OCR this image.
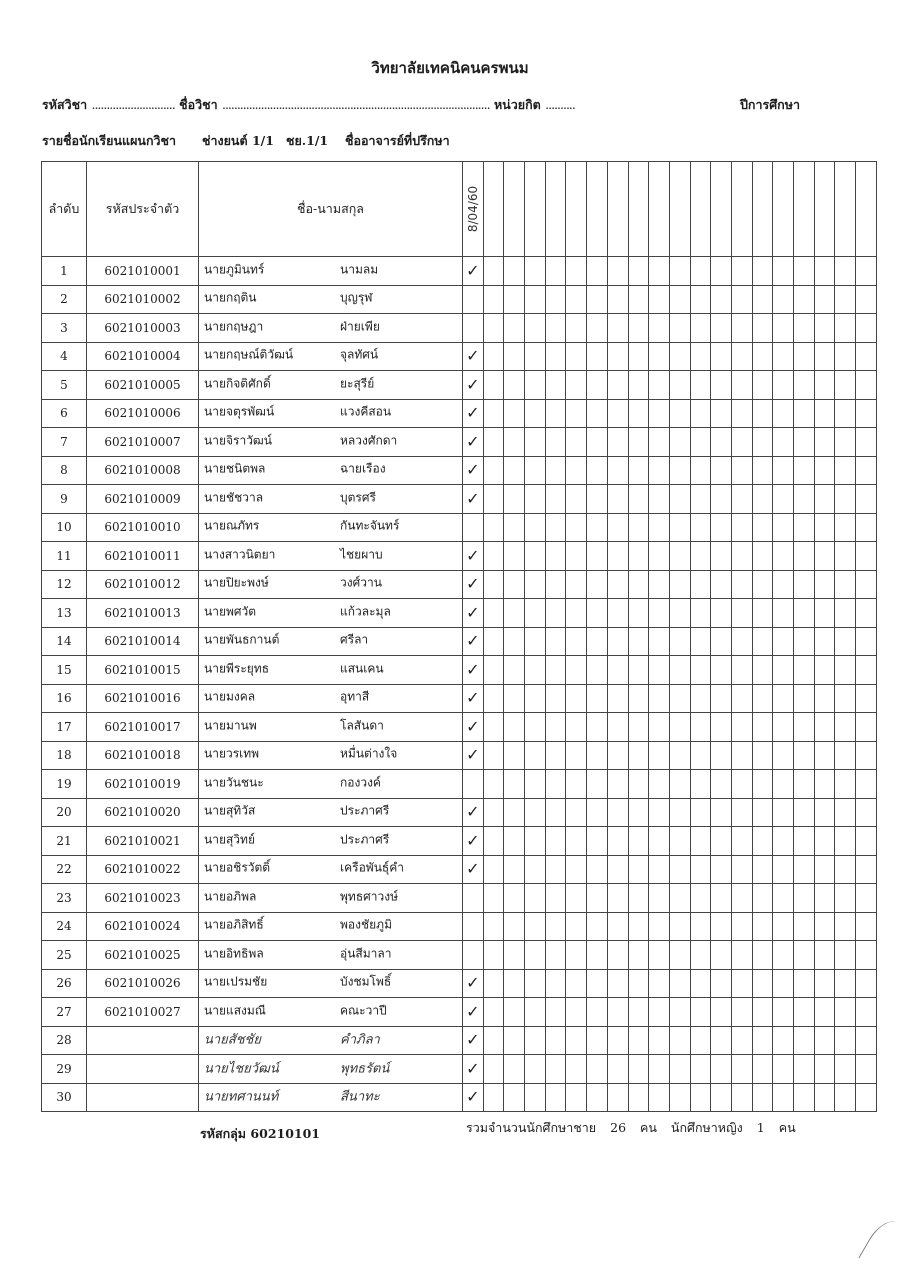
วิทยาลัยเทคนิคนครพนม
รหัสวิชา ............................ ชื่อวิชา .......................................................................................... หน่วยกิต ..........	ปีการศึกษา
รายชื่อนักเรียนแผนกวิชา ช่างยนต์ 1/1 ชย.1/1 ชื่ออาจารย์ที่ปรึกษา
ลำดับ	รหัสประจำตัว	ชื่อ-นามสกุล	8/04/60																			

1	6021010001	นายภูมินทร์ นามลม	✓																			
2	6021010002	นายกฤติน บุญรุฬ																				

3	6021010003	นายกฤษฎา ฝ่ายเพีย																				

4	6021010004	นายกฤษณ์ติวัฒน์ จุลทัศน์	✓																			
5	6021010005	นายกิจติศักดิ์ ยะสุรีย์	✓																			
6	6021010006	นายจตุรพัฒน์ แวงคีสอน	✓																			
7	6021010007	นายจิราวัฒน์ หลวงศักดา	✓																			
8	6021010008	นายชนิตพล ฉายเรือง	✓																			
9	6021010009	นายชัชวาล บุตรศรี	✓																			
10	6021010010	นายณภัทร กันทะจันทร์																				

11	6021010011	นางสาวนิตยา ไชยผาบ	✓																			
12	6021010012	นายปิยะพงษ์ วงศ์วาน	✓																			
13	6021010013	นายพศวัต แก้วละมุล	✓																			
14	6021010014	นายพันธกานต์ ศรีลา	✓																			
15	6021010015	นายพีระยุทธ แสนเคน	✓																			
16	6021010016	นายมงคล อุทาสี	✓																			
17	6021010017	นายมานพ โลสันดา	✓																			
18	6021010018	นายวรเทพ หมื่นต่างใจ	✓																			
19	6021010019	นายวันชนะ กองวงค์																				

20	6021010020	นายสุทิวัส ประภาศรี	✓																			
21	6021010021	นายสุวิทย์ ประภาศรี	✓																			
22	6021010022	นายอชิรวัตติ์ เครือพันธุ์คำ	✓																			
23	6021010023	นายอภิพล พุทธศาวงษ์																				

24	6021010024	นายอภิสิทธิ์ พองชัยภูมิ																				

25	6021010025	นายอิทธิพล อุ่นสีมาลา																				

26	6021010026	นายเปรมชัย บังชมโพธิ์	✓																			
27	6021010027	นายแสงมณี คณะวาปี	✓																			
28		นายสัชชัย คำภิลา	✓																			
29		นายไชยวัฒน์ พุทธรัตน์	✓																			
30		นายทศานนท์ สีนาทะ	✓																			
รหัสกลุ่ม 60210101	รวมจำนวนนักศึกษาชาย 26 คน นักศึกษาหญิง 1 คน
